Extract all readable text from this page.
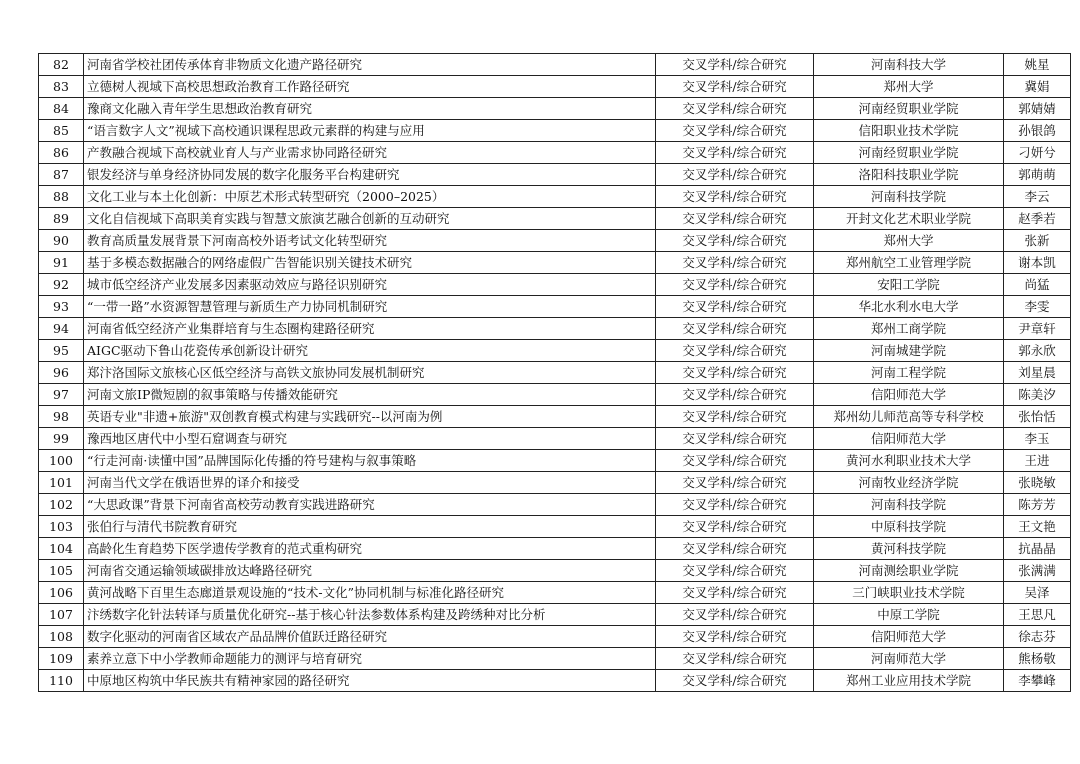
82	河南省学校社团传承体育非物质文化遗产路径研究	交叉学科/综合研究	河南科技大学	姚星
83	立德树人视域下高校思想政治教育工作路径研究	交叉学科/综合研究	郑州大学	冀娟
84	豫商文化融入青年学生思想政治教育研究	交叉学科/综合研究	河南经贸职业学院	郭婧婧
85	“语言数字人文”视域下高校通识课程思政元素群的构建与应用	交叉学科/综合研究	信阳职业技术学院	孙银鸽
86	产教融合视域下高校就业育人与产业需求协同路径研究	交叉学科/综合研究	河南经贸职业学院	刁妍兮
87	银发经济与单身经济协同发展的数字化服务平台构建研究	交叉学科/综合研究	洛阳科技职业学院	郭萌萌
88	文化工业与本土化创新：中原艺术形式转型研究（2000–2025）	交叉学科/综合研究	河南科技学院	李云
89	文化自信视域下高职美育实践与智慧文旅演艺融合创新的互动研究	交叉学科/综合研究	开封文化艺术职业学院	赵季若
90	教育高质量发展背景下河南高校外语考试文化转型研究	交叉学科/综合研究	郑州大学	张新
91	基于多模态数据融合的网络虚假广告智能识别关键技术研究	交叉学科/综合研究	郑州航空工业管理学院	谢本凯
92	城市低空经济产业发展多因素驱动效应与路径识别研究	交叉学科/综合研究	安阳工学院	尚猛
93	“一带一路”水资源智慧管理与新质生产力协同机制研究	交叉学科/综合研究	华北水利水电大学	李雯
94	河南省低空经济产业集群培育与生态圈构建路径研究	交叉学科/综合研究	郑州工商学院	尹章轩
95	AIGC驱动下鲁山花瓷传承创新设计研究	交叉学科/综合研究	河南城建学院	郭永欣
96	郑汴洛国际文旅核心区低空经济与高铁文旅协同发展机制研究	交叉学科/综合研究	河南工程学院	刘星晨
97	河南文旅IP微短剧的叙事策略与传播效能研究	交叉学科/综合研究	信阳师范大学	陈美汐
98	英语专业"非遗+旅游"双创教育模式构建与实践研究--以河南为例	交叉学科/综合研究	郑州幼儿师范高等专科学校	张怡恬
99	豫西地区唐代中小型石窟调查与研究	交叉学科/综合研究	信阳师范大学	李玉
100	“行走河南·读懂中国”品牌国际化传播的符号建构与叙事策略	交叉学科/综合研究	黄河水利职业技术大学	王进
101	河南当代文学在俄语世界的译介和接受	交叉学科/综合研究	河南牧业经济学院	张晓敏
102	“大思政课”背景下河南省高校劳动教育实践进路研究	交叉学科/综合研究	河南科技学院	陈芳芳
103	张伯行与清代书院教育研究	交叉学科/综合研究	中原科技学院	王文艳
104	高龄化生育趋势下医学遗传学教育的范式重构研究	交叉学科/综合研究	黄河科技学院	抗晶晶
105	河南省交通运输领域碳排放达峰路径研究	交叉学科/综合研究	河南测绘职业学院	张满满
106	黄河战略下百里生态廊道景观设施的“技术-文化”协同机制与标准化路径研究	交叉学科/综合研究	三门峡职业技术学院	吴泽
107	汴绣数字化针法转译与质量优化研究--基于核心针法参数体系构建及跨绣种对比分析	交叉学科/综合研究	中原工学院	王思凡
108	数字化驱动的河南省区域农产品品牌价值跃迁路径研究	交叉学科/综合研究	信阳师范大学	徐志芬
109	素养立意下中小学教师命题能力的测评与培育研究	交叉学科/综合研究	河南师范大学	熊杨敬
110	中原地区构筑中华民族共有精神家园的路径研究	交叉学科/综合研究	郑州工业应用技术学院	李攀峰
